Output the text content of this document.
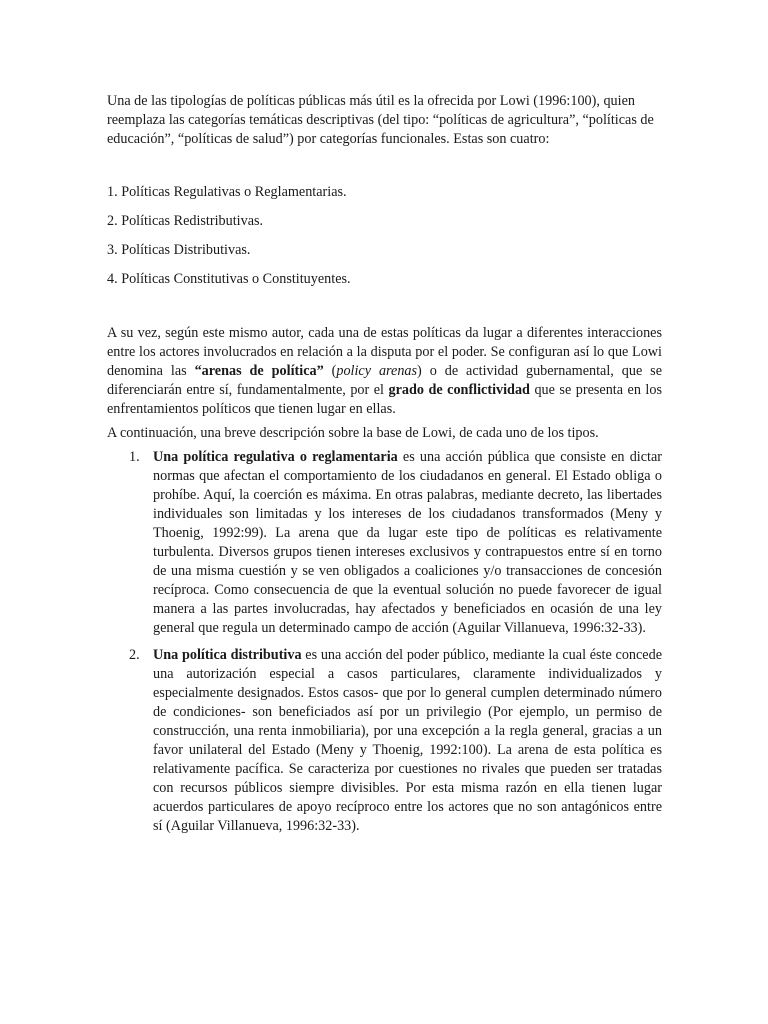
Una de las tipologías de políticas públicas más útil es la ofrecida por Lowi (1996:100), quien reemplaza las categorías temáticas descriptivas (del tipo: “políticas de agricultura”, “políticas de educación”, “políticas de salud”) por categorías funcionales. Estas son cuatro:

1. Políticas Regulativas o Reglamentarias.

2. Políticas Redistributivas.

3. Políticas Distributivas.

4. Políticas Constitutivas o Constituyentes.

A su vez, según este mismo autor, cada una de estas políticas da lugar a diferentes interacciones entre los actores involucrados en relación a la disputa por el poder. Se configuran así lo que Lowi denomina las “arenas de política” (policy arenas) o de actividad gubernamental, que se diferenciarán entre sí, fundamentalmente, por el grado de conflictividad que se presenta en los enfrentamientos políticos que tienen lugar en ellas.

A continuación, una breve descripción sobre la base de Lowi, de cada uno de los tipos.

1. Una política regulativa o reglamentaria es una acción pública que consiste en dictar normas que afectan el comportamiento de los ciudadanos en general. El Estado obliga o prohíbe. Aquí, la coerción es máxima. En otras palabras, mediante decreto, las libertades individuales son limitadas y los intereses de los ciudadanos transformados (Meny y Thoenig, 1992:99). La arena que da lugar este tipo de políticas es relativamente turbulenta. Diversos grupos tienen intereses exclusivos y contrapuestos entre sí en torno de una misma cuestión y se ven obligados a coaliciones y/o transacciones de concesión recíproca. Como consecuencia de que la eventual solución no puede favorecer de igual manera a las partes involucradas, hay afectados y beneficiados en ocasión de una ley general que regula un determinado campo de acción (Aguilar Villanueva, 1996:32-33).
2. Una política distributiva es una acción del poder público, mediante la cual éste concede una autorización especial a casos particulares, claramente individualizados y especialmente designados. Estos casos- que por lo general cumplen determinado número de condiciones- son beneficiados así por un privilegio (Por ejemplo, un permiso de construcción, una renta inmobiliaria), por una excepción a la regla general, gracias a un favor unilateral del Estado (Meny y Thoenig, 1992:100). La arena de esta política es relativamente pacífica. Se caracteriza por cuestiones no rivales que pueden ser tratadas con recursos públicos siempre divisibles. Por esta misma razón en ella tienen lugar acuerdos particulares de apoyo recíproco entre los actores que no son antagónicos entre sí (Aguilar Villanueva, 1996:32-33).
